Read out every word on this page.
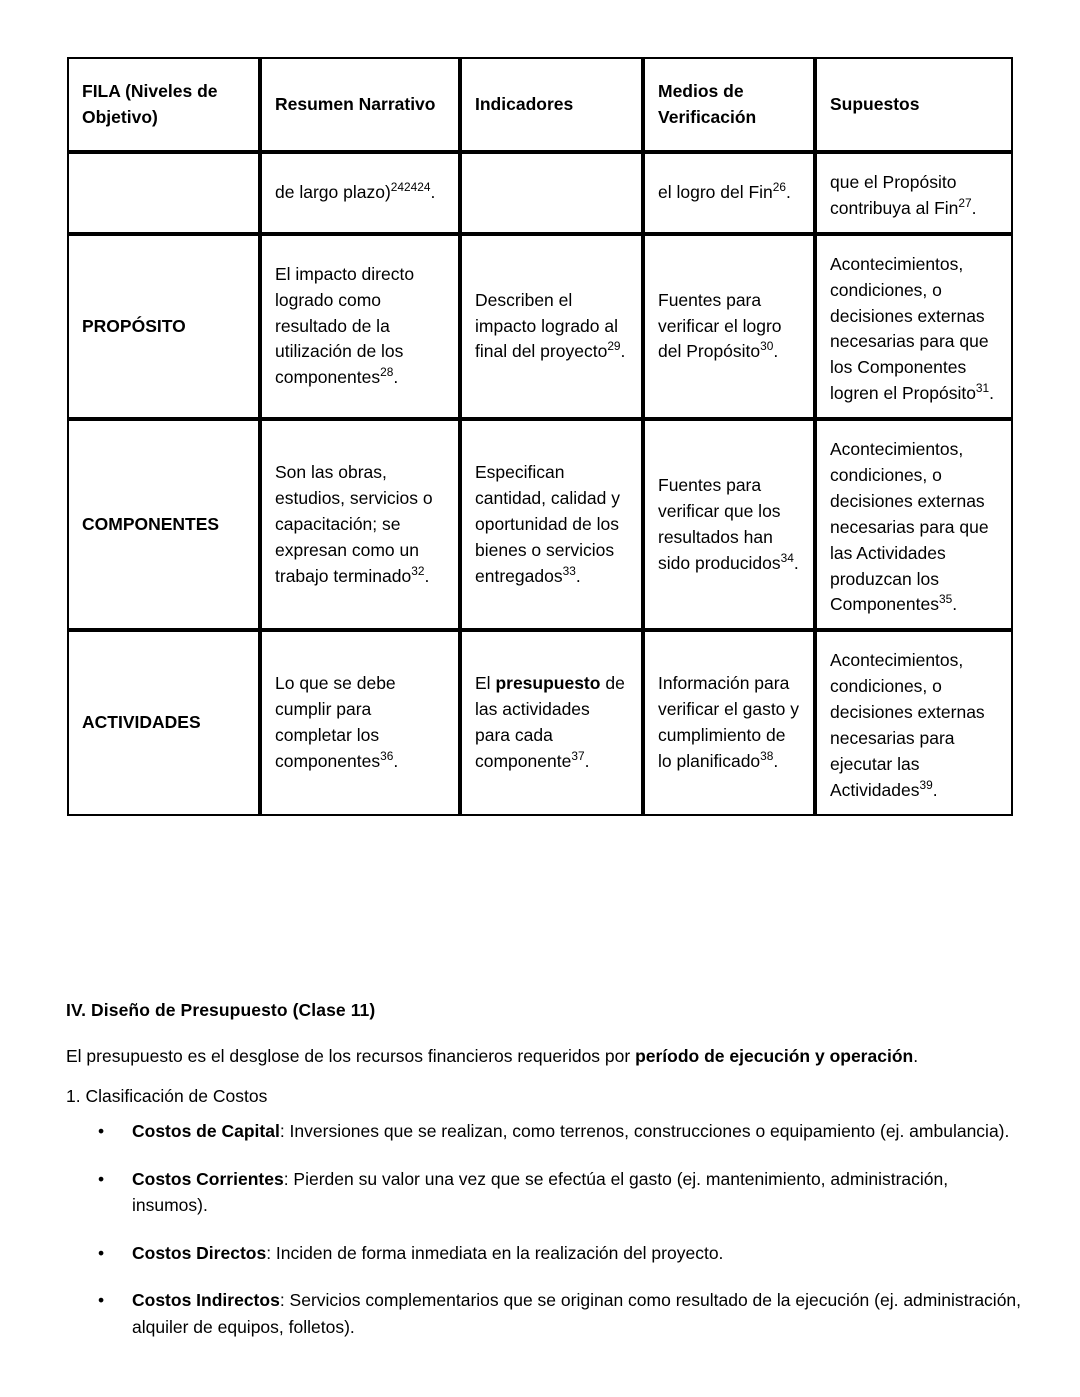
FILA (Niveles de Objetivo)	Resumen Narrativo	Indicadores	Medios de Verificación	Supuestos
	de largo plazo)$^{242424}$.		el logro del Fin$^{26}$.	que el Propósito contribuya al Fin$^{27}$.
PROPÓSITO	El impacto directo logrado como resultado de la utilización de los componentes$^{28}$.	Describen el impacto logrado al final del proyecto$^{29}$.	Fuentes para verificar el logro del Propósito$^{30}$.	Acontecimientos, condiciones, o decisiones externas necesarias para que los Componentes logren el Propósito$^{31}$.
COMPONENTES	Son las obras, estudios, servicios o capacitación; se expresan como un trabajo terminado$^{32}$.	Especifican cantidad, calidad y oportunidad de los bienes o servicios entregados$^{33}$.	Fuentes para verificar que los resultados han sido producidos$^{34}$.	Acontecimientos, condiciones, o decisiones externas necesarias para que las Actividades produzcan los Componentes$^{35}$.
ACTIVIDADES	Lo que se debe cumplir para completar los componentes$^{36}$.	El presupuesto de las actividades para cada componente$^{37}$.	Información para verificar el gasto y cumplimiento de lo planificado$^{38}$.	Acontecimientos, condiciones, o decisiones externas necesarias para ejecutar las Actividades$^{39}$.
IV. Diseño de Presupuesto (Clase 11)
El presupuesto es el desglose de los recursos financieros requeridos por período de ejecución y operación.
1. Clasificación de Costos
• Costos de Capital: Inversiones que se realizan, como terrenos, construcciones o equipamiento (ej. ambulancia).
• Costos Corrientes: Pierden su valor una vez que se efectúa el gasto (ej. mantenimiento, administración, insumos).
• Costos Directos: Inciden de forma inmediata en la realización del proyecto.
• Costos Indirectos: Servicios complementarios que se originan como resultado de la ejecución (ej. administración, alquiler de equipos, folletos).
